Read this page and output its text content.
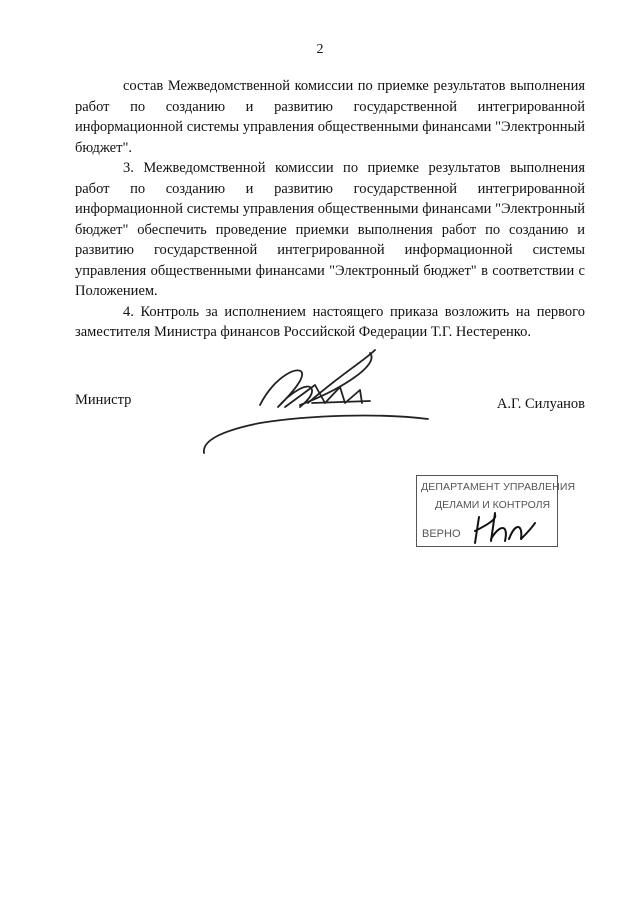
2

состав Межведомственной комиссии по приемке результатов выполнения работ по созданию и развитию государственной интегрированной информационной системы управления общественными финансами "Электронный бюджет".

3. Межведомственной комиссии по приемке результатов выполнения работ по созданию и развитию государственной интегрированной информационной системы управления общественными финансами "Электронный бюджет" обеспечить проведение приемки выполнения работ по созданию и развитию государственной интегрированной информационной системы управления общественными финансами "Электронный бюджет" в соответствии с Положением.

4. Контроль за исполнением настоящего приказа возложить на первого заместителя Министра финансов Российской Федерации Т.Г. Нестеренко.

Министр	А.Г. Силуанов
ДЕПАРТАМЕНТ УПРАВЛЕНИЯ
ДЕЛАМИ И КОНТРОЛЯ
ВЕРНО
